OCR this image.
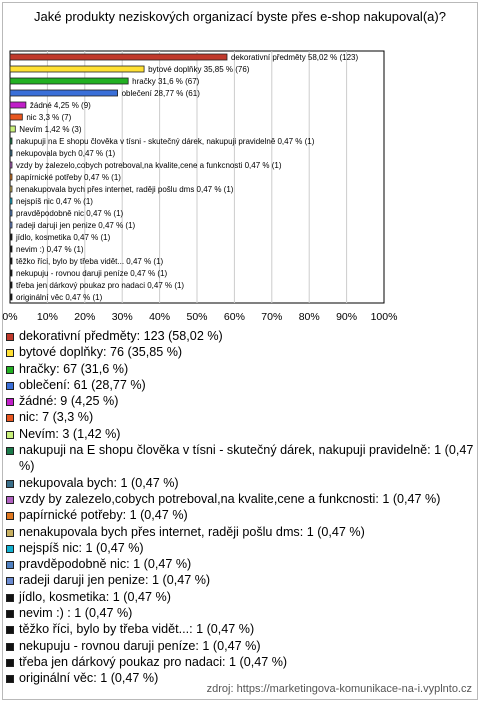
Jaké produkty neziskových organizací byste přes e-shop nakupoval(a)?
0% 10% 20% 30% 40% 50% 60% 70% 80% 90% 100%
dekorativní předměty 58,02 % (123)
bytové doplňky 35,85 % (76)
hračky 31,6 % (67)
oblečení 28,77 % (61)
žádné 4,25 % (9)
nic 3,3 % (7)
Nevím 1,42 % (3)
nakupuji na E shopu člověka v tísni - skutečný dárek, nakupuji pravidelně 0,47 % (1)
nekupovala bych 0,47 % (1)
vzdy by zalezelo,cobych potreboval,na kvalite,cene a funkcnosti 0,47 % (1)
papírnické potřeby 0,47 % (1)
nenakupovala bych přes internet, raději pošlu dms 0,47 % (1)
nejspíš nic 0,47 % (1)
pravděpodobně nic 0,47 % (1)
radeji daruji jen penize 0,47 % (1)
jídlo, kosmetika 0,47 % (1)
nevim :) 0,47 % (1)
těžko říci, bylo by třeba vidět... 0,47 % (1)
nekupuju - rovnou daruji peníze 0,47 % (1)
třeba jen dárkový poukaz pro nadaci 0,47 % (1)
originální věc 0,47 % (1)
dekorativní předměty: 123 (58,02 %)
bytové doplňky: 76 (35,85 %)
hračky: 67 (31,6 %)
oblečení: 61 (28,77 %)
žádné: 9 (4,25 %)
nic: 7 (3,3 %)
Nevím: 3 (1,42 %)
nakupuji na E shopu člověka v tísni - skutečný dárek, nakupuji pravidelně: 1 (0,47 %)
nekupovala bych: 1 (0,47 %)
vzdy by zalezelo,cobych potreboval,na kvalite,cene a funkcnosti: 1 (0,47 %)
papírnické potřeby: 1 (0,47 %)
nenakupovala bych přes internet, raději pošlu dms: 1 (0,47 %)
nejspíš nic: 1 (0,47 %)
pravděpodobně nic: 1 (0,47 %)
radeji daruji jen penize: 1 (0,47 %)
jídlo, kosmetika: 1 (0,47 %)
nevim :) : 1 (0,47 %)
těžko říci, bylo by třeba vidět...: 1 (0,47 %)
nekupuju - rovnou daruji peníze: 1 (0,47 %)
třeba jen dárkový poukaz pro nadaci: 1 (0,47 %)
originální věc: 1 (0,47 %)
zdroj: https://marketingova-komunikace-na-i.vyplnto.cz
